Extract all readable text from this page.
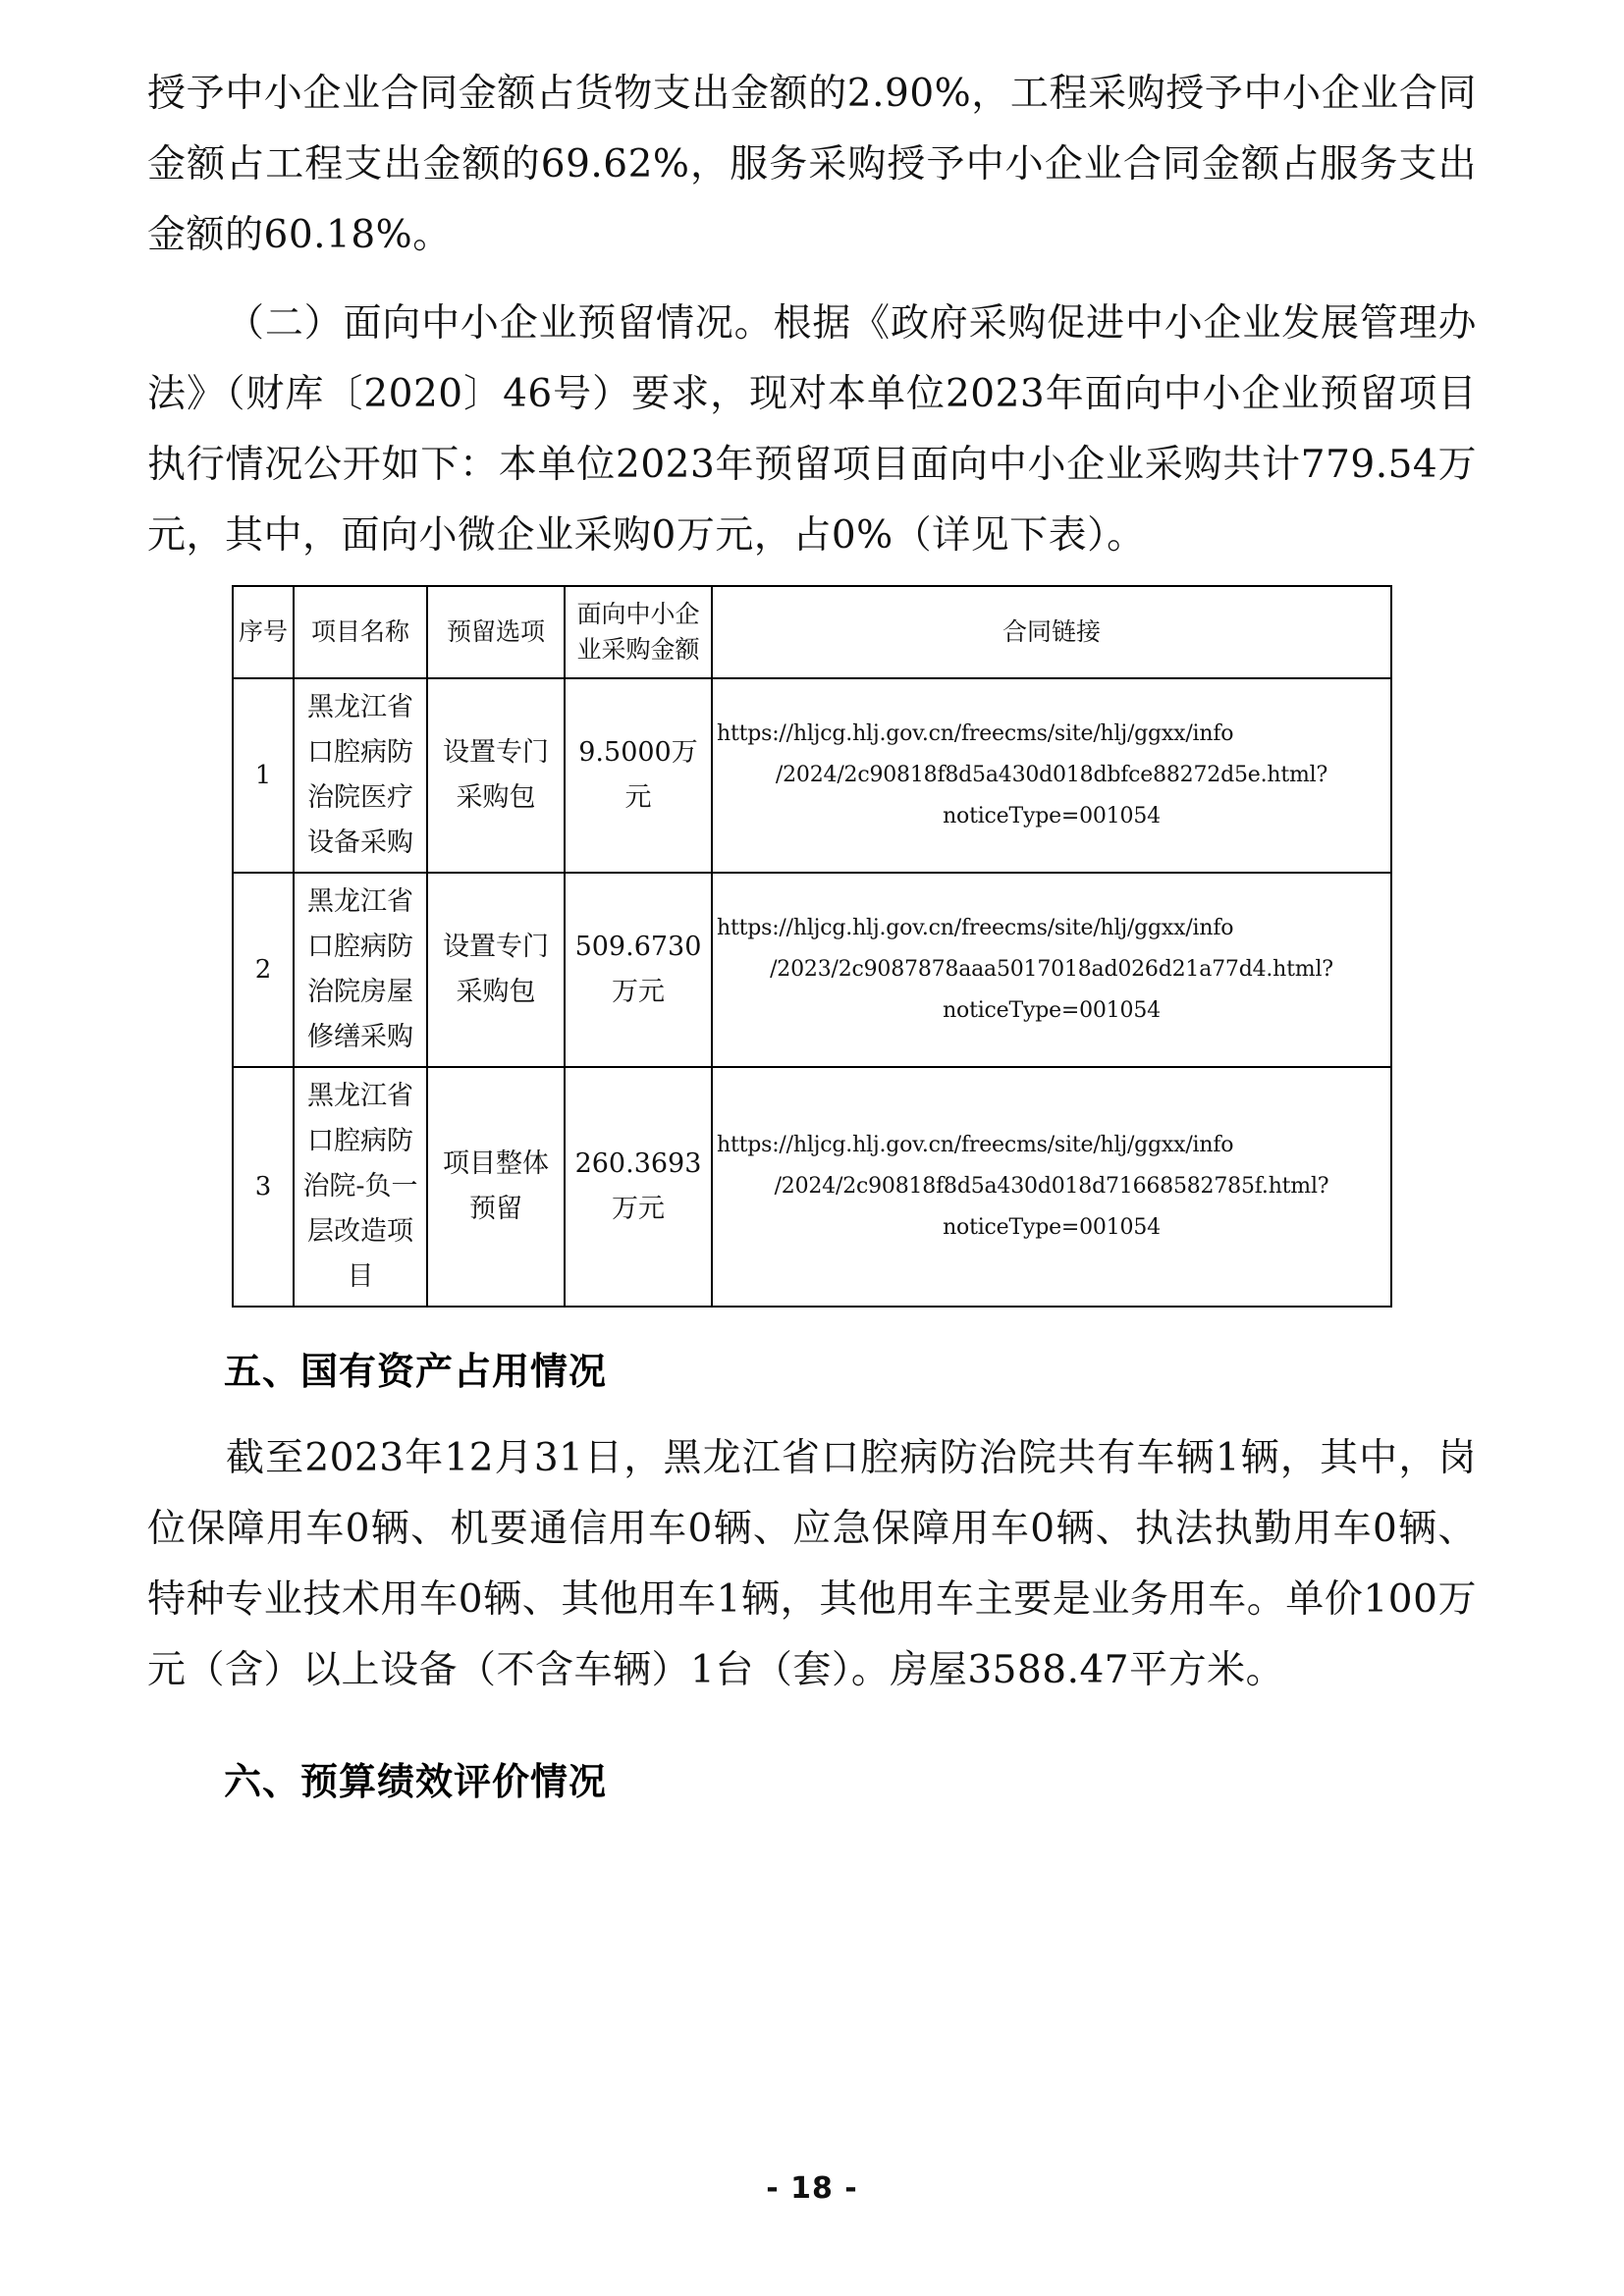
授予中小企业合同金额占货物支出金额的2.90%，工程采购授予中小企业合同金额占工程支出金额的69.62%，服务采购授予中小企业合同金额占服务支出金额的60.18%。

（二）面向中小企业预留情况。根据《政府采购促进中小企业发展管理办法》（财库〔2020〕46号）要求，现对本单位2023年面向中小企业预留项目执行情况公开如下：本单位2023年预留项目面向中小企业采购共计779.54万元，其中，面向小微企业采购0万元，占0%（详见下表）。

序号	项目名称	预留选项	面向中小企业采购金额	合同链接
1	黑龙江省口腔病防治院医疗设备采购	设置专门采购包	9.5000万元	https://hljcg.hlj.gov.cn/freecms/site/hlj/ggxx/info
/2024/2c90818f8d5a430d018dbfce88272d5e.html?
noticeType=001054

2	黑龙江省口腔病防治院房屋修缮采购	设置专门采购包	509.6730万元	https://hljcg.hlj.gov.cn/freecms/site/hlj/ggxx/info
/2023/2c9087878aaa5017018ad026d21a77d4.html?
noticeType=001054

3	黑龙江省口腔病防治院-负一层改造项目	项目整体预留	260.3693万元	https://hljcg.hlj.gov.cn/freecms/site/hlj/ggxx/info
/2024/2c90818f8d5a430d018d71668582785f.html?
noticeType=001054

五、国有资产占用情况

截至2023年12月31日，黑龙江省口腔病防治院共有车辆1辆，其中，岗位保障用车0辆、机要通信用车0辆、应急保障用车0辆、执法执勤用车0辆、特种专业技术用车0辆、其他用车1辆，其他用车主要是业务用车。单价100万元（含）以上设备（不含车辆）1台（套）。房屋3588.47平方米。

六、预算绩效评价情况

- 18 -
